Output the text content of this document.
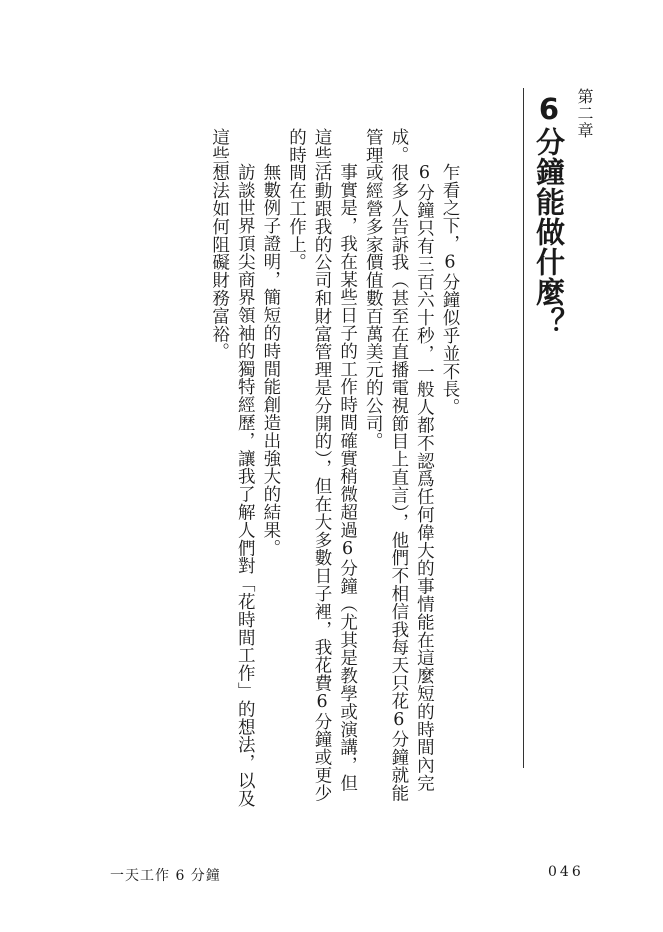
第二章
6分鐘能做什麼？

乍看之下，6分鐘似乎並不長。

6分鐘只有三百六十秒，一般人都不認爲任何偉大的事情能在這麼短的時間內完成。很多人告訴我（甚至在直播電視節目上直言），他們不相信我每天只花6分鐘就能管理或經營多家價值數百萬美元的公司。

事實是，我在某些日子的工作時間確實稍微超過6分鐘（尤其是教學或演講，但這些活動跟我的公司和財富管理是分開的），但在大多數日子裡，我花費6分鐘或更少的時間在工作上。

無數例子證明，簡短的時間能創造出強大的結果。

訪談世界頂尖商界領袖的獨特經歷，讓我了解人們對「花時間工作」的想法，以及這些想法如何阻礙財務富裕。

一天工作 6 分鐘	046
